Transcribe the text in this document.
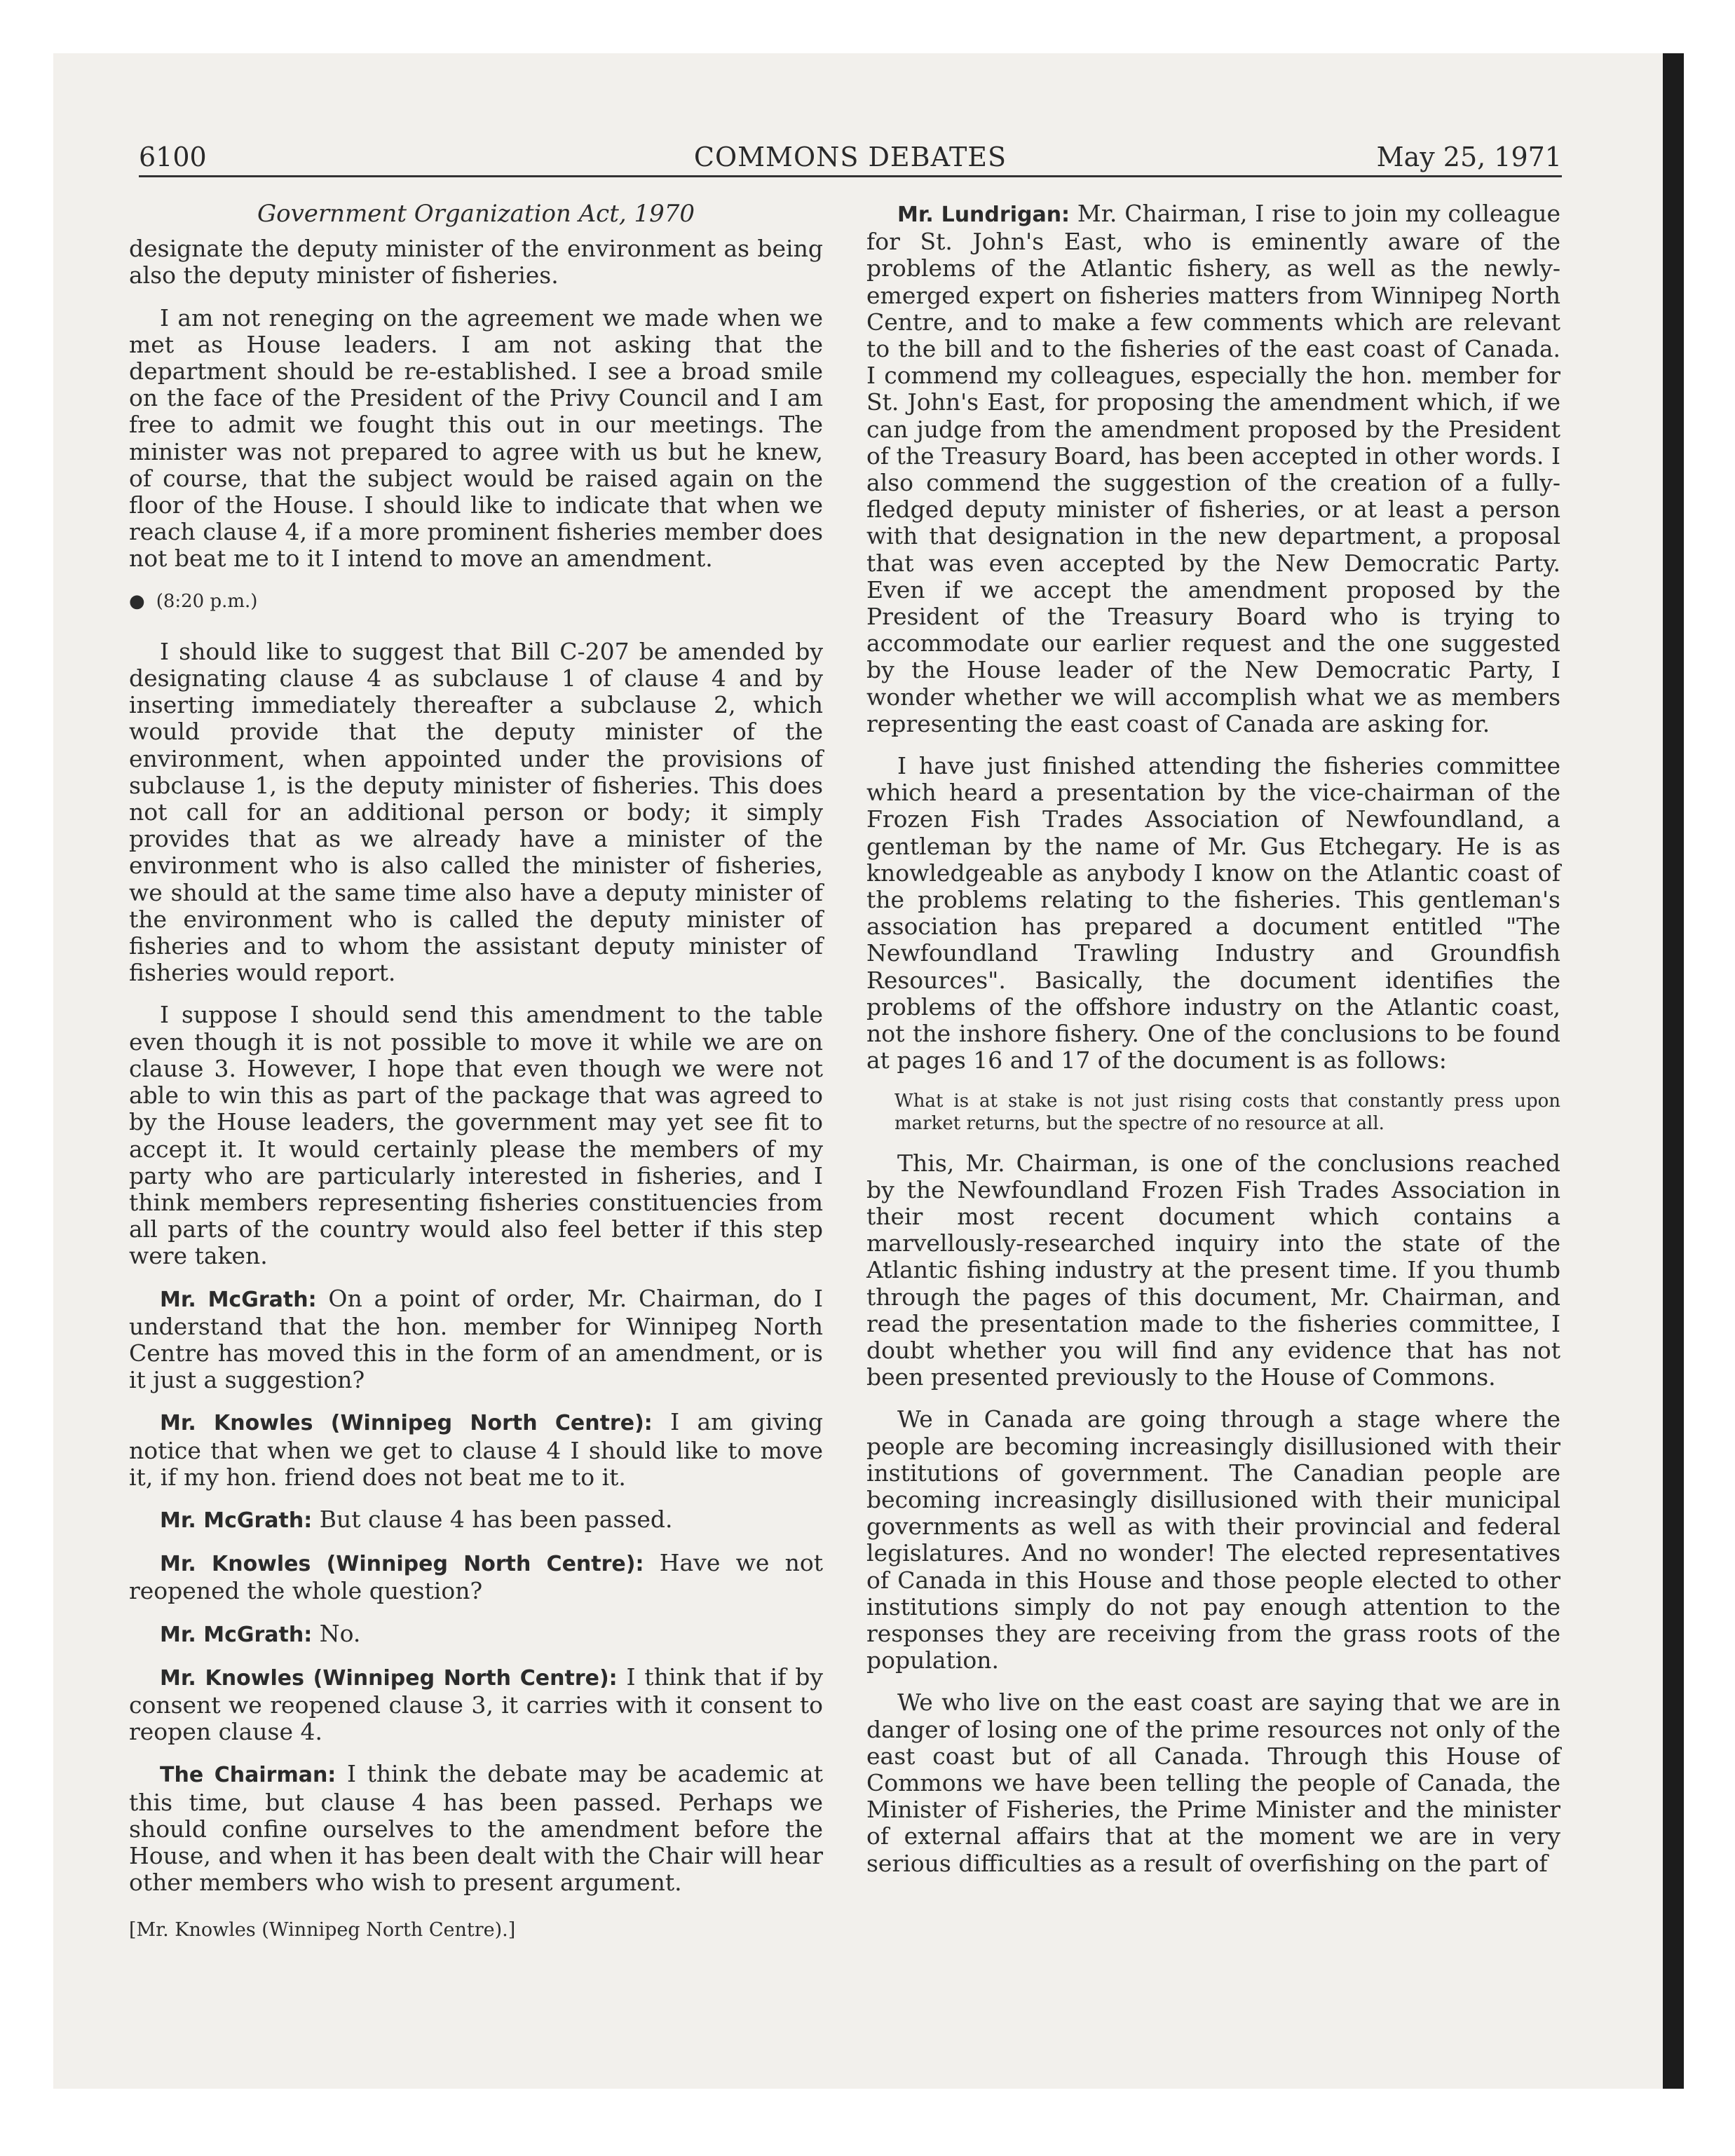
6100	COMMONS DEBATES	May 25, 1971
Government Organization Act, 1970

designate the deputy minister of the environment as being also the deputy minister of fisheries.

I am not reneging on the agreement we made when we met as House leaders. I am not asking that the department should be re-established. I see a broad smile on the face of the President of the Privy Council and I am free to admit we fought this out in our meetings. The minister was not prepared to agree with us but he knew, of course, that the subject would be raised again on the floor of the House. I should like to indicate that when we reach clause 4, if a more prominent fisheries member does not beat me to it I intend to move an amendment.

● (8:20 p.m.)

I should like to suggest that Bill C-207 be amended by designating clause 4 as subclause 1 of clause 4 and by inserting immediately thereafter a subclause 2, which would provide that the deputy minister of the environment, when appointed under the provisions of subclause 1, is the deputy minister of fisheries. This does not call for an additional person or body; it simply provides that as we already have a minister of the environment who is also called the minister of fisheries, we should at the same time also have a deputy minister of the environment who is called the deputy minister of fisheries and to whom the assistant deputy minister of fisheries would report.

I suppose I should send this amendment to the table even though it is not possible to move it while we are on clause 3. However, I hope that even though we were not able to win this as part of the package that was agreed to by the House leaders, the government may yet see fit to accept it. It would certainly please the members of my party who are particularly interested in fisheries, and I think members representing fisheries constituencies from all parts of the country would also feel better if this step were taken.

Mr. McGrath: On a point of order, Mr. Chairman, do I understand that the hon. member for Winnipeg North Centre has moved this in the form of an amendment, or is it just a suggestion?

Mr. Knowles (Winnipeg North Centre): I am giving notice that when we get to clause 4 I should like to move it, if my hon. friend does not beat me to it.

Mr. McGrath: But clause 4 has been passed.

Mr. Knowles (Winnipeg North Centre): Have we not reopened the whole question?

Mr. McGrath: No.

Mr. Knowles (Winnipeg North Centre): I think that if by consent we reopened clause 3, it carries with it consent to reopen clause 4.

The Chairman: I think the debate may be academic at this time, but clause 4 has been passed. Perhaps we should confine ourselves to the amendment before the House, and when it has been dealt with the Chair will hear other members who wish to present argument.

[Mr. Knowles (Winnipeg North Centre).]

Mr. Lundrigan: Mr. Chairman, I rise to join my colleague for St. John's East, who is eminently aware of the problems of the Atlantic fishery, as well as the newly-emerged expert on fisheries matters from Winnipeg North Centre, and to make a few comments which are relevant to the bill and to the fisheries of the east coast of Canada. I commend my colleagues, especially the hon. member for St. John's East, for proposing the amendment which, if we can judge from the amendment proposed by the President of the Treasury Board, has been accepted in other words. I also commend the suggestion of the creation of a fully-fledged deputy minister of fisheries, or at least a person with that designation in the new department, a proposal that was even accepted by the New Democratic Party. Even if we accept the amendment proposed by the President of the Treasury Board who is trying to accommodate our earlier request and the one suggested by the House leader of the New Democratic Party, I wonder whether we will accomplish what we as members representing the east coast of Canada are asking for.

I have just finished attending the fisheries committee which heard a presentation by the vice-chairman of the Frozen Fish Trades Association of Newfoundland, a gentleman by the name of Mr. Gus Etchegary. He is as knowledgeable as anybody I know on the Atlantic coast of the problems relating to the fisheries. This gentleman's association has prepared a document entitled "The Newfoundland Trawling Industry and Groundfish Resources". Basically, the document identifies the problems of the offshore industry on the Atlantic coast, not the inshore fishery. One of the conclusions to be found at pages 16 and 17 of the document is as follows:

What is at stake is not just rising costs that constantly press upon market returns, but the spectre of no resource at all.

This, Mr. Chairman, is one of the conclusions reached by the Newfoundland Frozen Fish Trades Association in their most recent document which contains a marvellously-researched inquiry into the state of the Atlantic fishing industry at the present time. If you thumb through the pages of this document, Mr. Chairman, and read the presentation made to the fisheries committee, I doubt whether you will find any evidence that has not been presented previously to the House of Commons.

We in Canada are going through a stage where the people are becoming increasingly disillusioned with their institutions of government. The Canadian people are becoming increasingly disillusioned with their municipal governments as well as with their provincial and federal legislatures. And no wonder! The elected representatives of Canada in this House and those people elected to other institutions simply do not pay enough attention to the responses they are receiving from the grass roots of the population.

We who live on the east coast are saying that we are in danger of losing one of the prime resources not only of the east coast but of all Canada. Through this House of Commons we have been telling the people of Canada, the Minister of Fisheries, the Prime Minister and the minister of external affairs that at the moment we are in very serious difficulties as a result of overfishing on the part of
